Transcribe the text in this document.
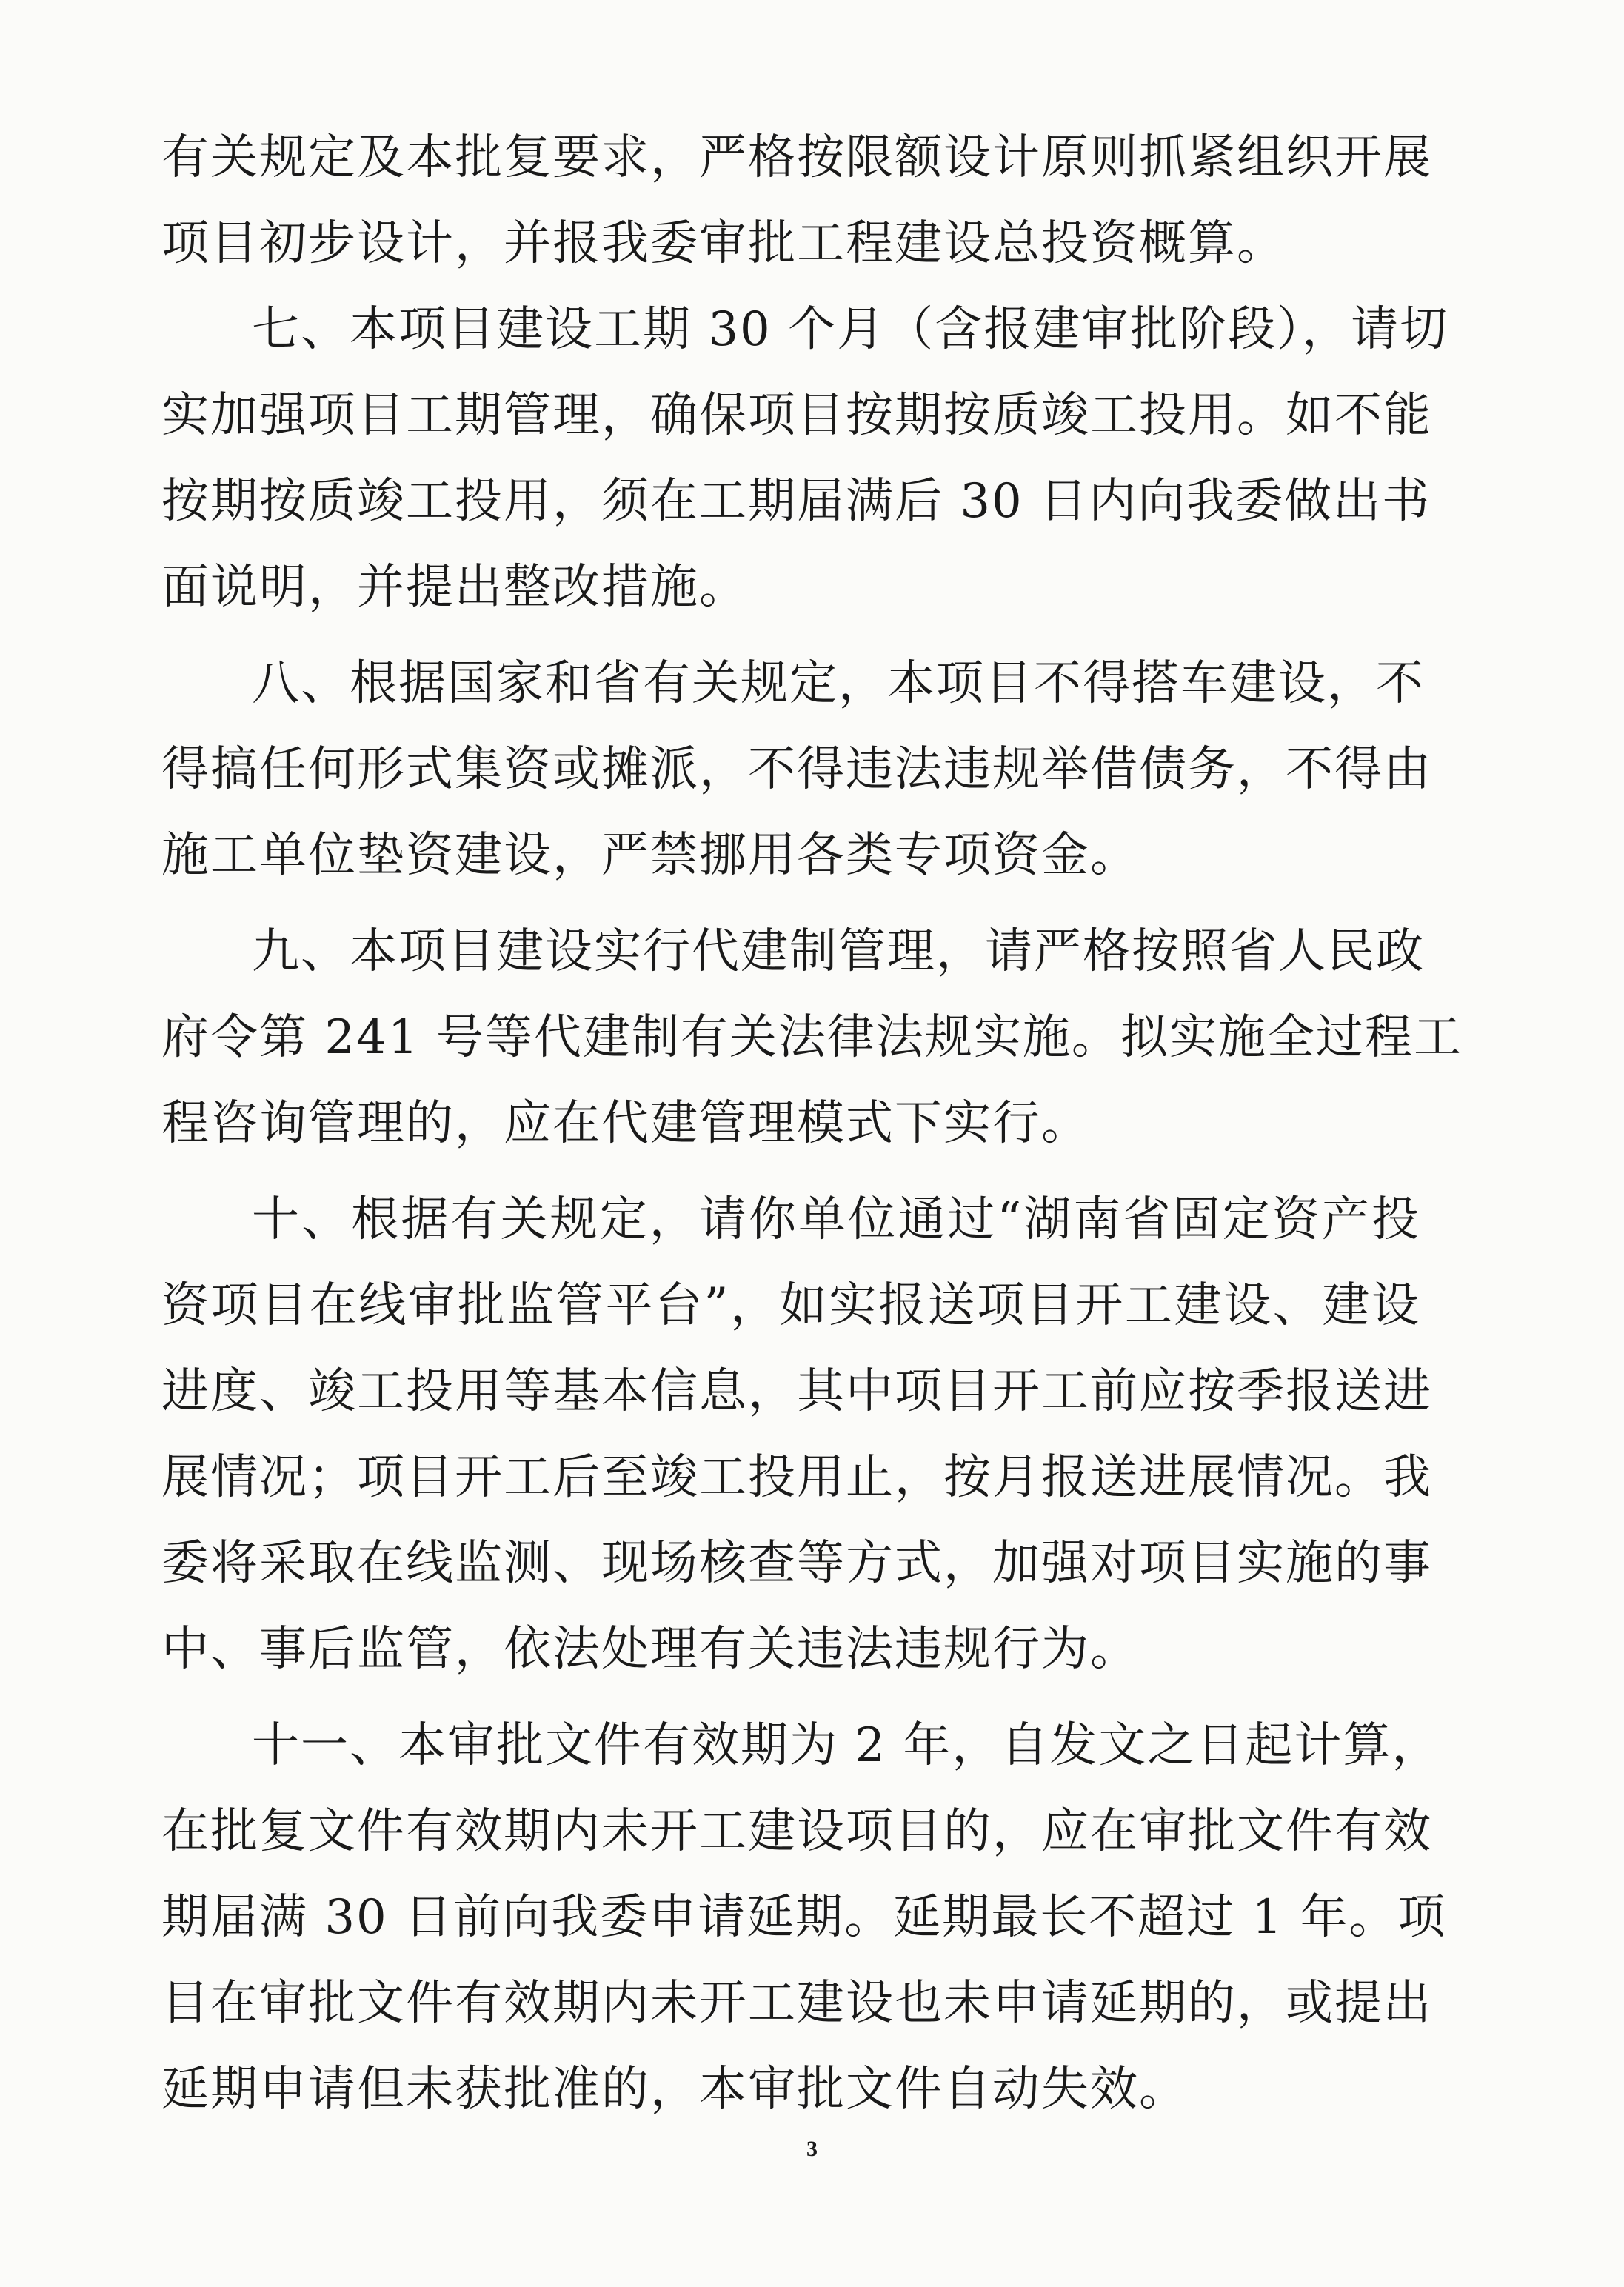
有关规定及本批复要求，严格按限额设计原则抓紧组织开展
项目初步设计，并报我委审批工程建设总投资概算。
七、本项目建设工期 30 个月（含报建审批阶段），请切
实加强项目工期管理，确保项目按期按质竣工投用。如不能
按期按质竣工投用，须在工期届满后 30 日内向我委做出书
面说明，并提出整改措施。
八、根据国家和省有关规定，本项目不得搭车建设，不
得搞任何形式集资或摊派，不得违法违规举借债务，不得由
施工单位垫资建设，严禁挪用各类专项资金。
九、本项目建设实行代建制管理，请严格按照省人民政
府令第 241 号等代建制有关法律法规实施。拟实施全过程工
程咨询管理的，应在代建管理模式下实行。
十、根据有关规定，请你单位通过“湖南省固定资产投
资项目在线审批监管平台”，如实报送项目开工建设、建设
进度、竣工投用等基本信息，其中项目开工前应按季报送进
展情况；项目开工后至竣工投用止，按月报送进展情况。我
委将采取在线监测、现场核查等方式，加强对项目实施的事
中、事后监管，依法处理有关违法违规行为。
十一、本审批文件有效期为 2 年，自发文之日起计算，
在批复文件有效期内未开工建设项目的，应在审批文件有效
期届满 30 日前向我委申请延期。延期最长不超过 1 年。项
目在审批文件有效期内未开工建设也未申请延期的，或提出
延期申请但未获批准的，本审批文件自动失效。
3
